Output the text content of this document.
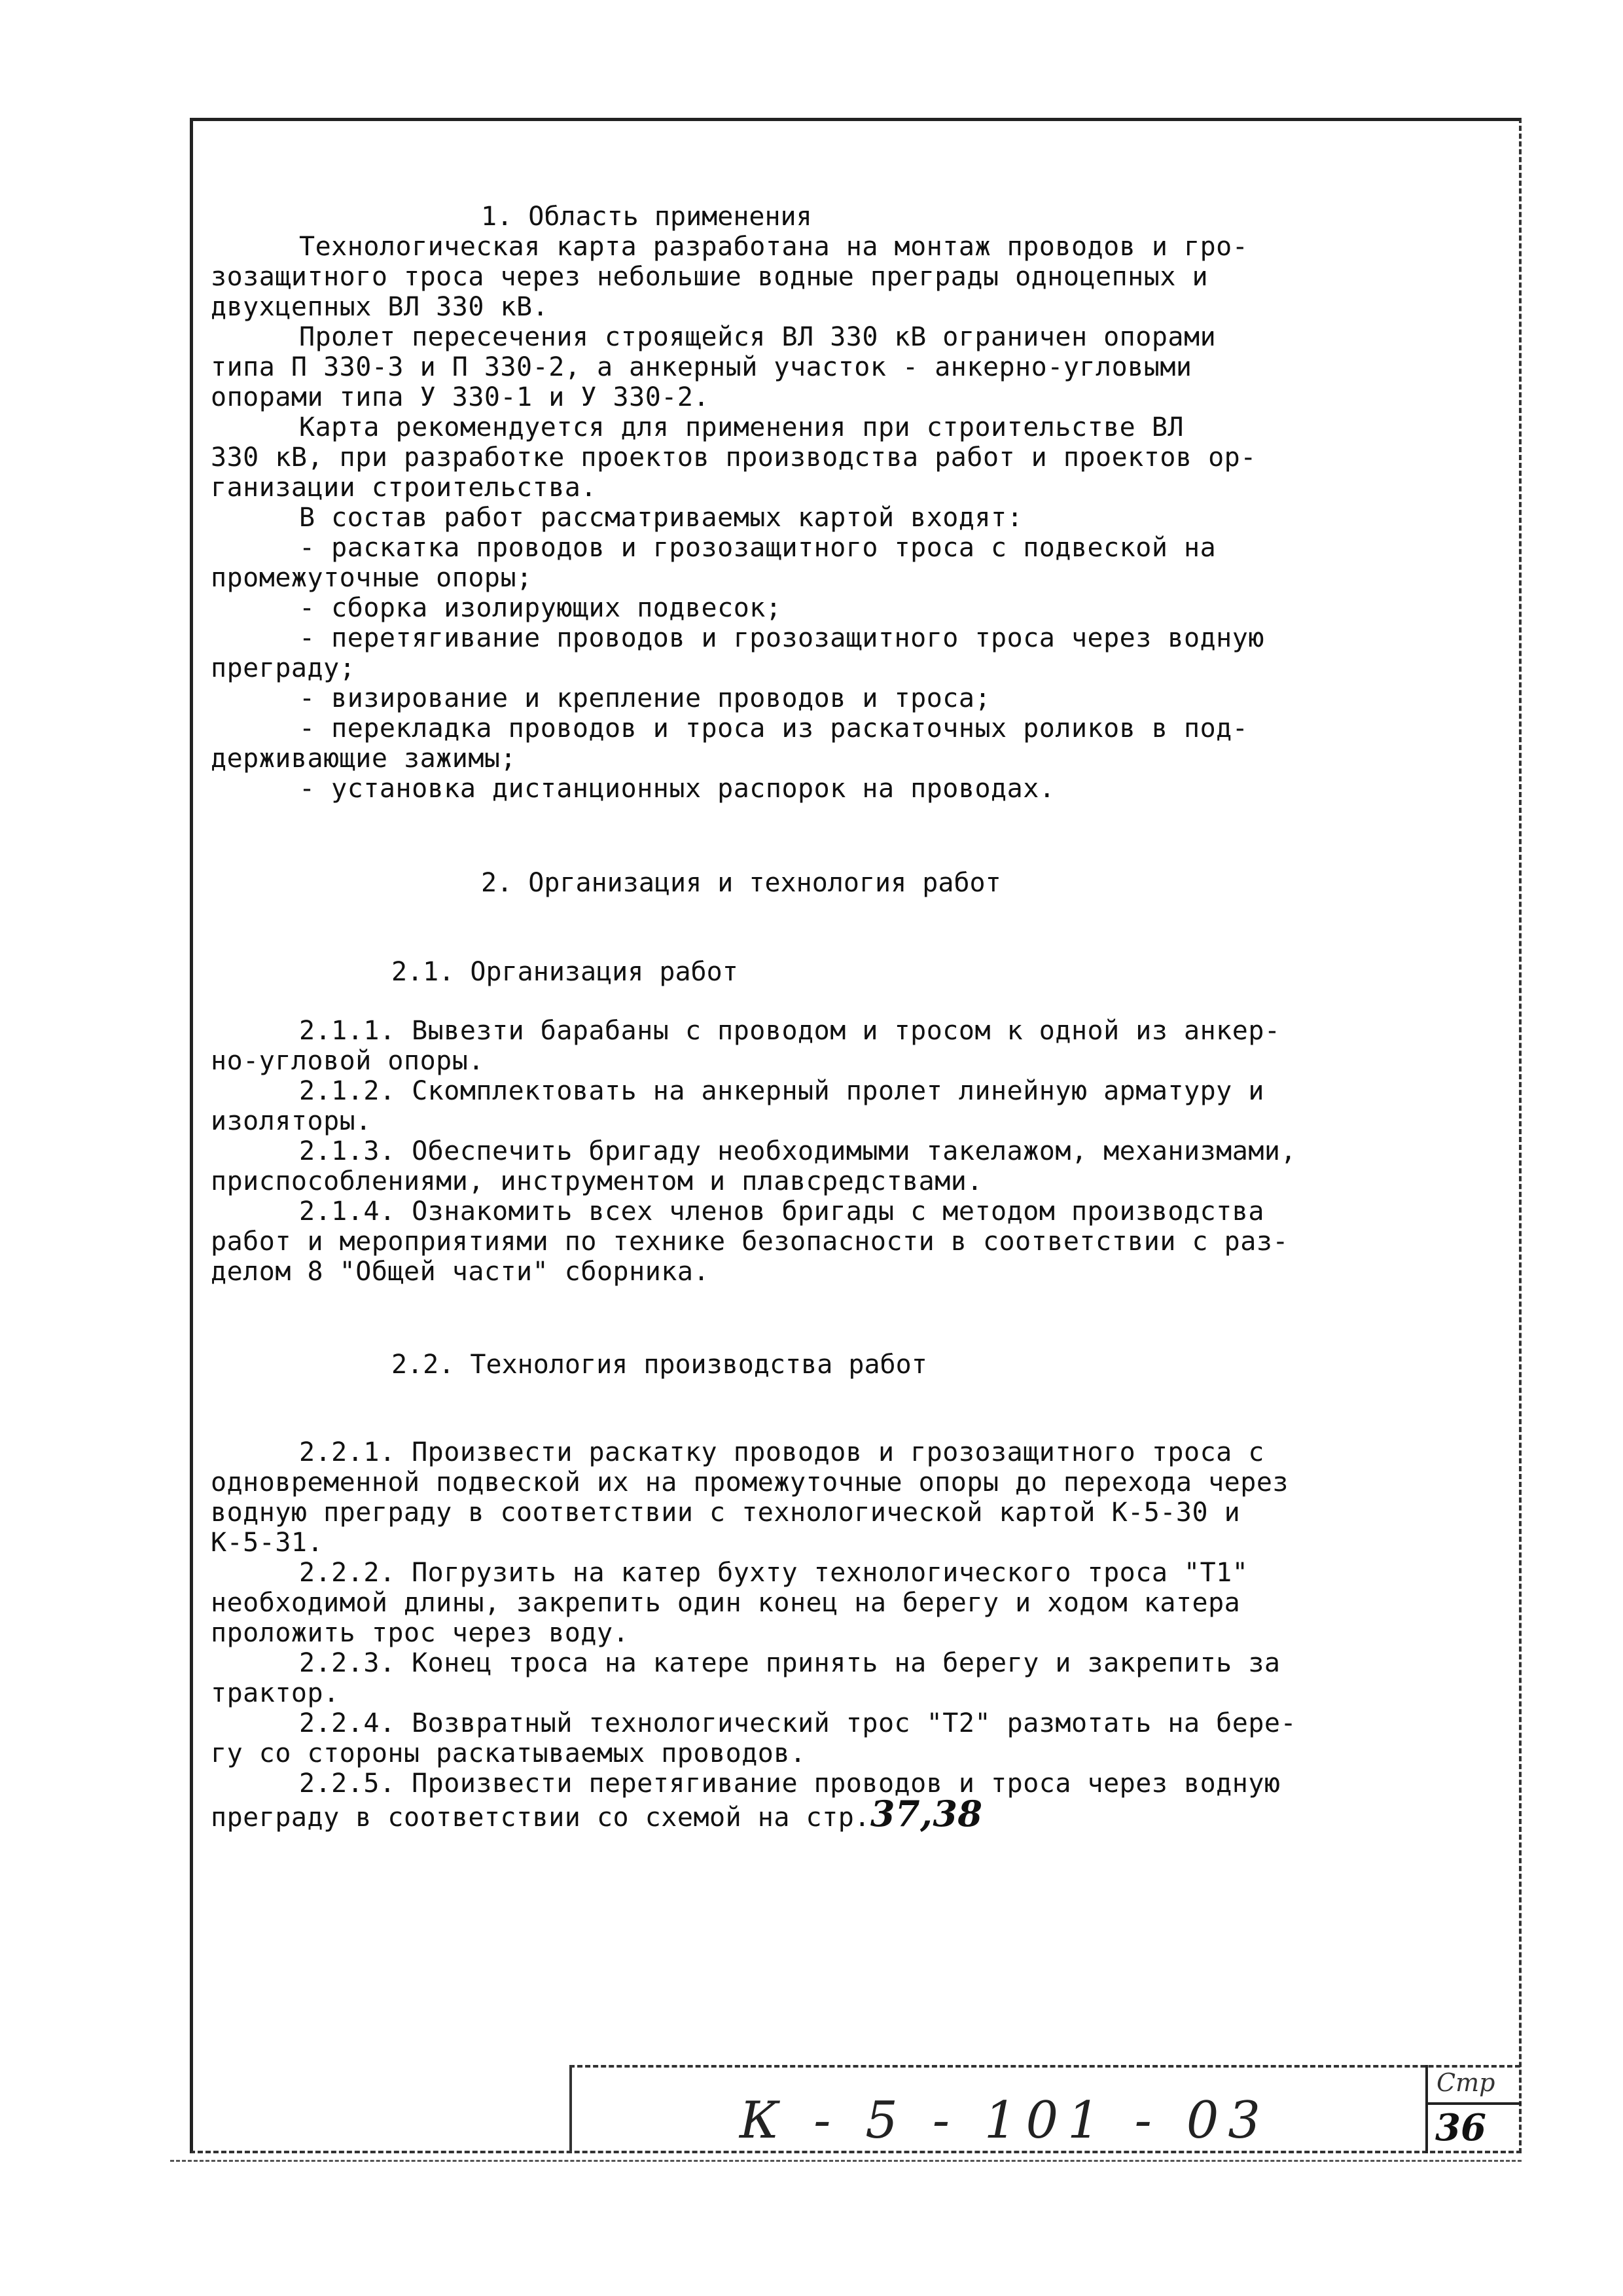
1. Область применения
Технологическая карта разработана на монтаж проводов и гро-
зозащитного троса через небольшие водные преграды одноцепных и
двухцепных ВЛ 330 кВ.
Пролет пересечения строящейся ВЛ 330 кВ ограничен опорами
типа П 330-3 и П 330-2, а анкерный участок - анкерно-угловыми
опорами типа У 330-1 и У 330-2.
Карта рекомендуется для применения при строительстве ВЛ
330 кВ, при разработке проектов производства работ и проектов ор-
ганизации строительства.
В состав работ рассматриваемых картой входят:
- раскатка проводов и грозозащитного троса с подвеской на
промежуточные опоры;
- сборка изолирующих подвесок;
- перетягивание проводов и грозозащитного троса через водную
преграду;
- визирование и крепление проводов и троса;
- перекладка проводов и троса из раскаточных роликов в под-
держивающие зажимы;
- установка дистанционных распорок на проводах.
2. Организация и технология работ
2.1. Организация работ
2.1.1. Вывезти барабаны с проводом и тросом к одной из анкер-
но-угловой опоры.
2.1.2. Скомплектовать на анкерный пролет линейную арматуру и
изоляторы.
2.1.3. Обеспечить бригаду необходимыми такелажом, механизмами,
приспособлениями, инструментом и плавсредствами.
2.1.4. Ознакомить всех членов бригады с методом производства
работ и мероприятиями по технике безопасности в соответствии с раз-
делом 8 "Общей части" сборника.
2.2. Технология производства работ
2.2.1. Произвести раскатку проводов и грозозащитного троса с
одновременной подвеской их на промежуточные опоры до перехода через
водную преграду в соответствии с технологической картой К-5-30 и
К-5-31.
2.2.2. Погрузить на катер бухту технологического троса "Т1"
необходимой длины, закрепить один конец на берегу и ходом катера
проложить трос через воду.
2.2.3. Конец троса на катере принять на берегу и закрепить за
трактор.
2.2.4. Возвратный технологический трос "Т2" размотать на бере-
гу со стороны раскатываемых проводов.
2.2.5. Произвести перетягивание проводов и троса через водную
преграду в соответствии со схемой на стр.37,38
К - 5 - 101 - 03
Стр
36
